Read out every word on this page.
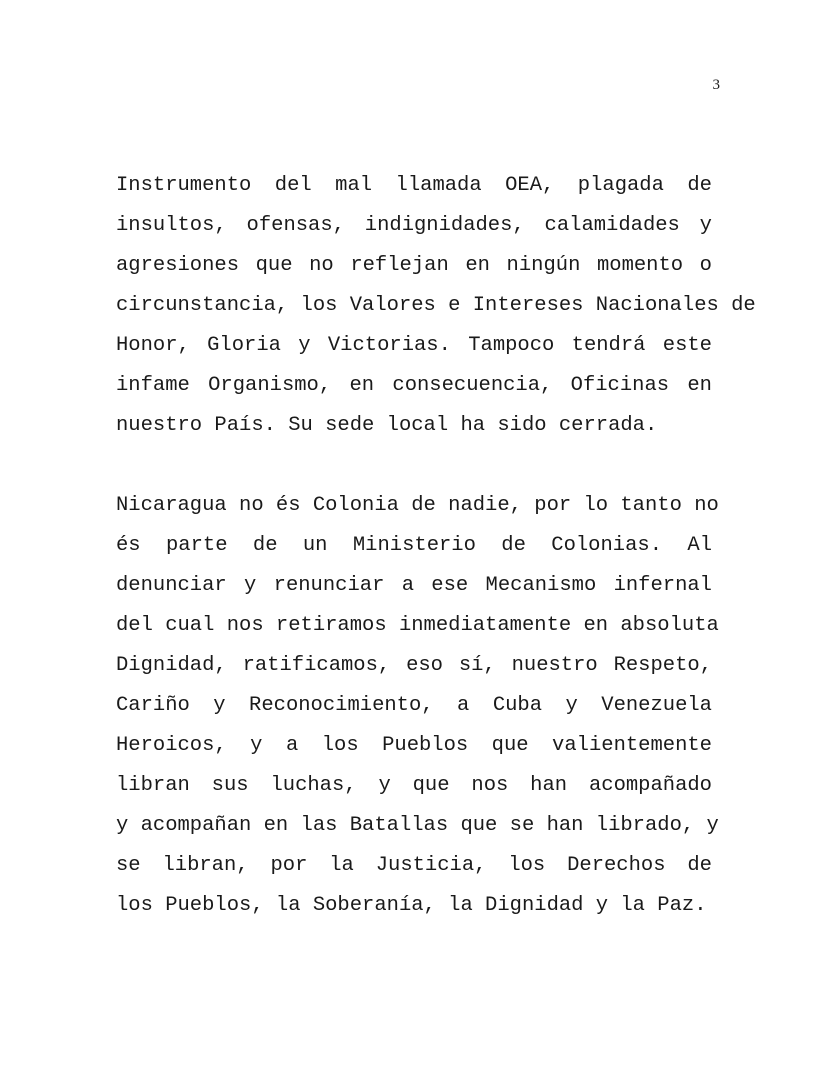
3
Instrumento del mal llamada OEA, plagada de
insultos, ofensas, indignidades, calamidades y
agresiones que no reflejan en ningún momento o
circunstancia, los Valores e Intereses Nacionales de
Honor, Gloria y Victorias. Tampoco tendrá este
infame Organismo, en consecuencia, Oficinas en
nuestro País. Su sede local ha sido cerrada.
Nicaragua no és Colonia de nadie, por lo tanto no
és parte de un Ministerio de Colonias. Al
denunciar y renunciar a ese Mecanismo infernal
del cual nos retiramos inmediatamente en absoluta
Dignidad, ratificamos, eso sí, nuestro Respeto,
Cariño y Reconocimiento, a Cuba y Venezuela
Heroicos, y a los Pueblos que valientemente
libran sus luchas, y que nos han acompañado
y acompañan en las Batallas que se han librado, y
se libran, por la Justicia, los Derechos de
los Pueblos, la Soberanía, la Dignidad y la Paz.
